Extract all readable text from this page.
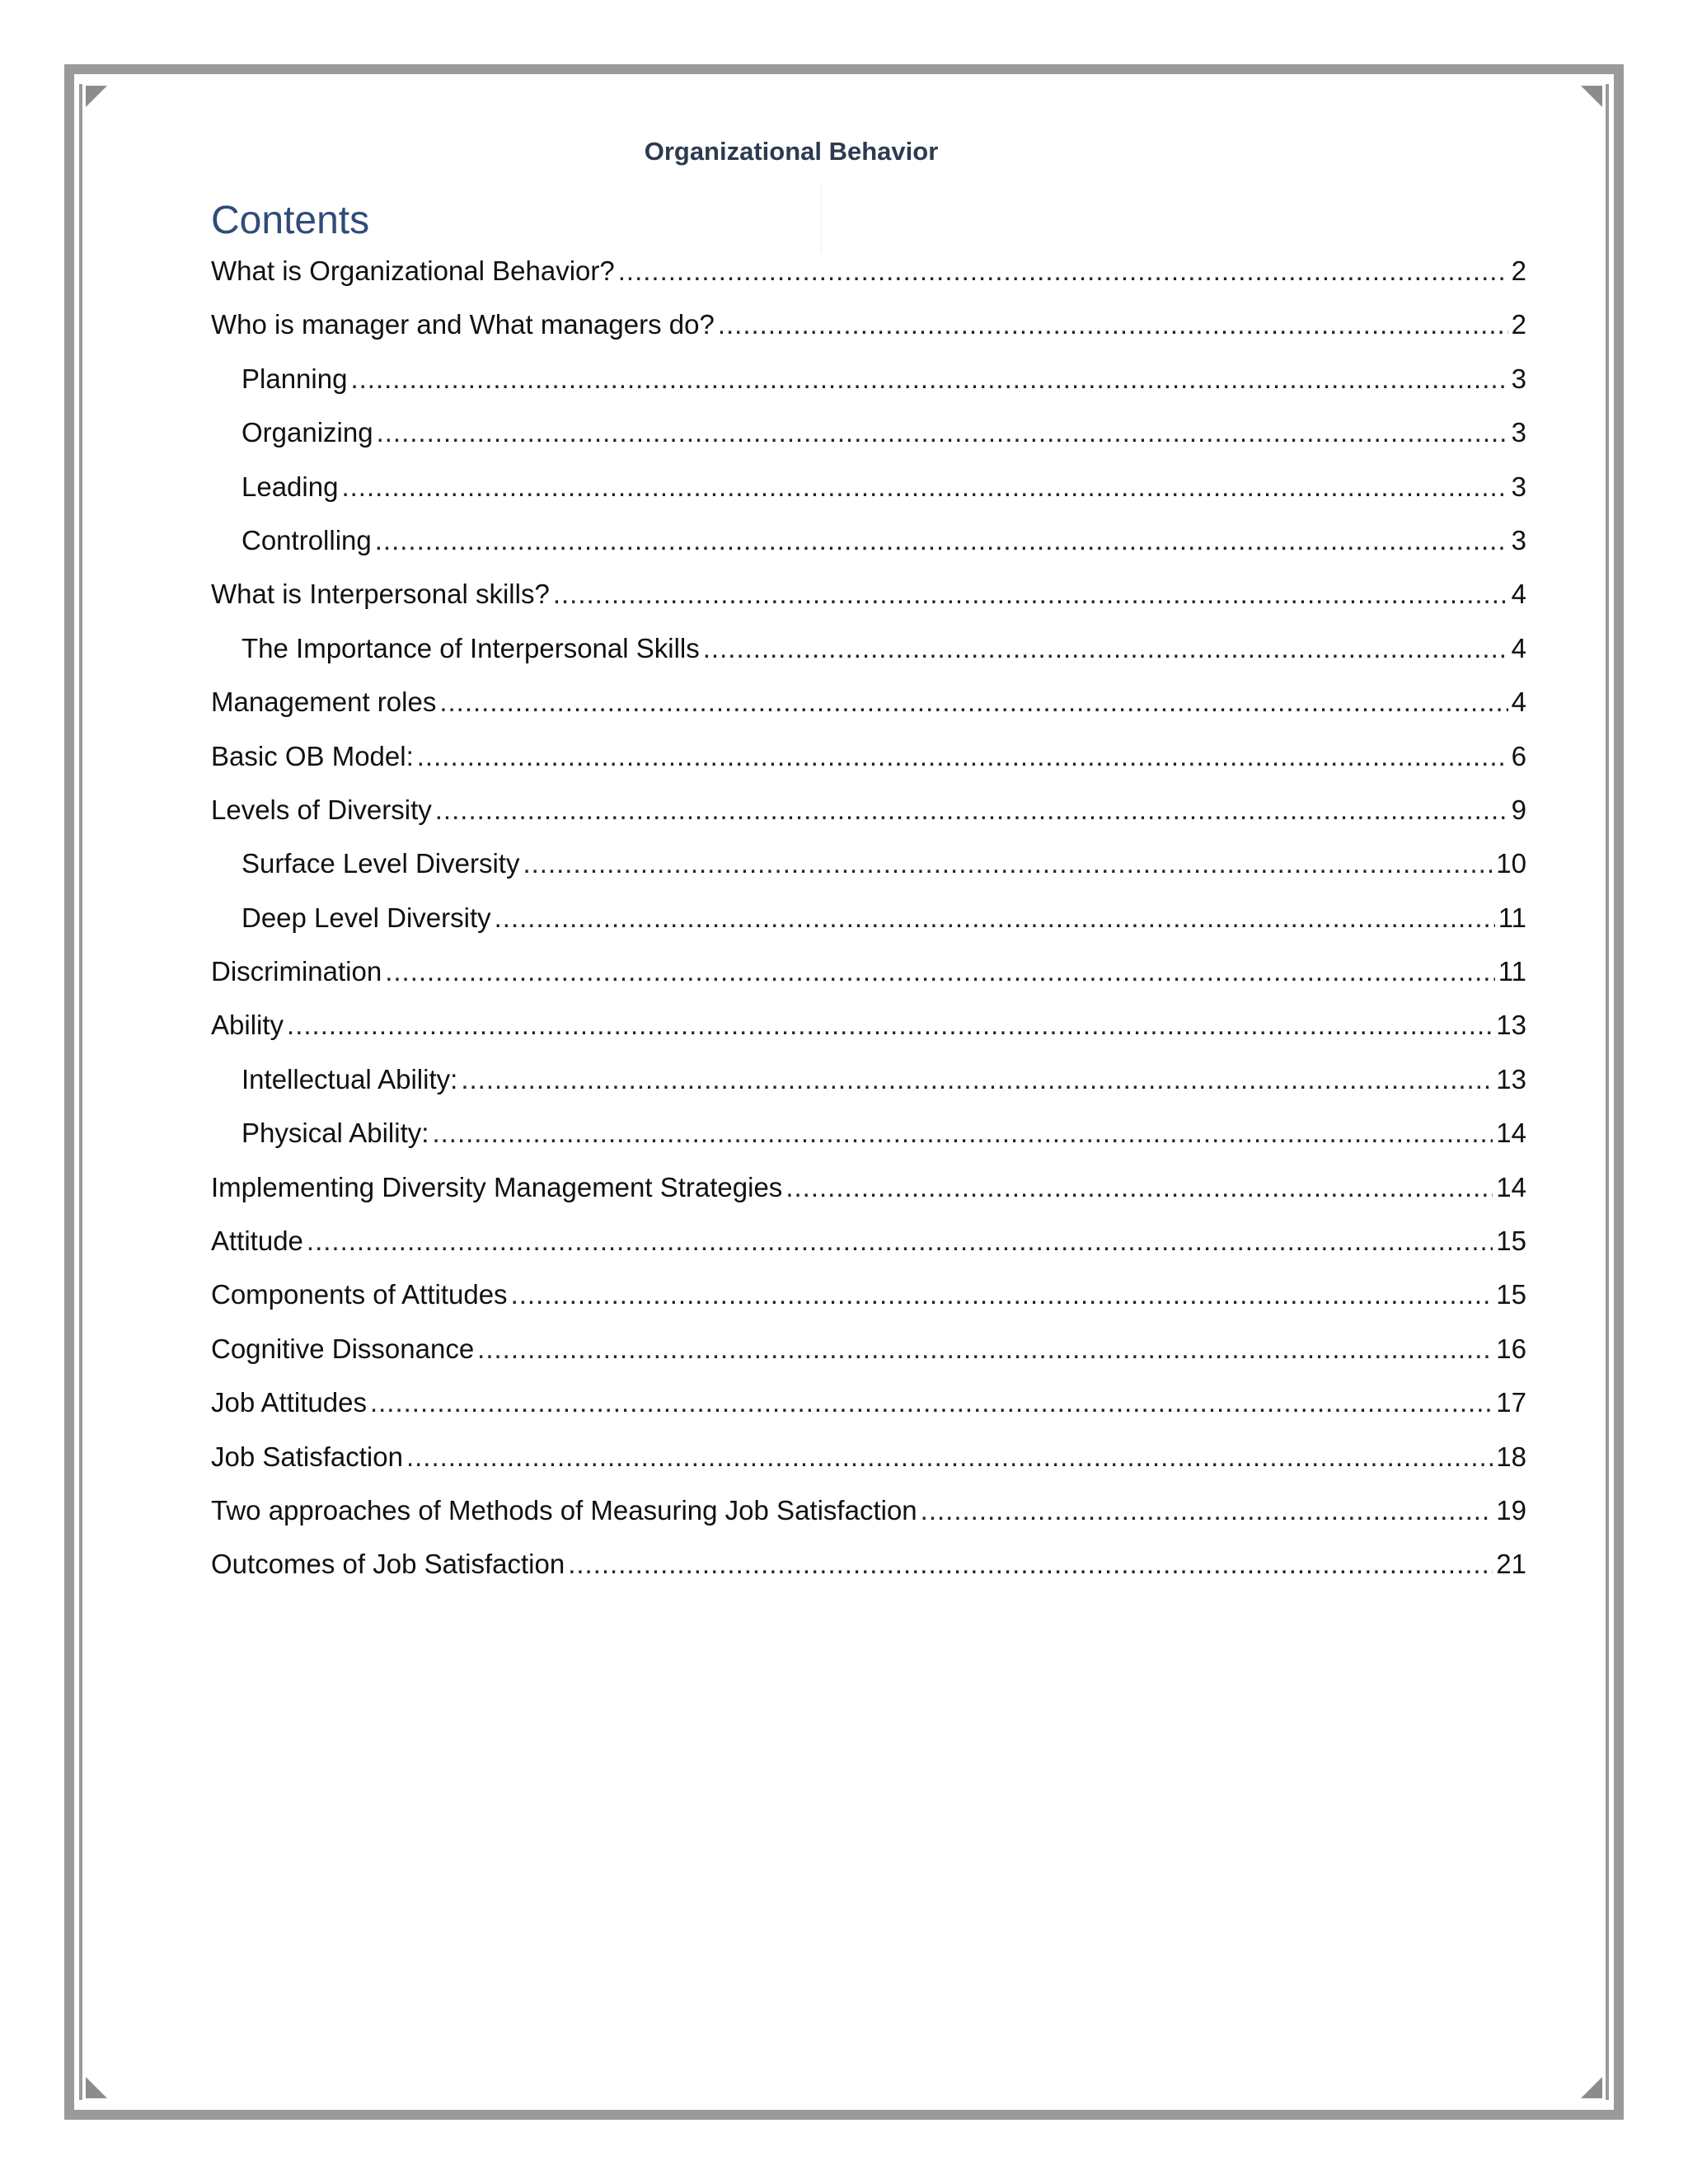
Organizational Behavior
Contents
What is Organizational Behavior? .....	2
Who is manager and What managers do? .....	2
Planning .....	3
Organizing .....	3
Leading .....	3
Controlling .....	3
What is Interpersonal skills? .....	4
The Importance of Interpersonal Skills .....	4
Management roles .....	4
Basic OB Model: .....	6
Levels of Diversity .....	9
Surface Level Diversity .....	10
Deep Level Diversity .....	11
Discrimination .....	11
Ability .....	13
Intellectual Ability: .....	13
Physical Ability: .....	14
Implementing Diversity Management Strategies .....	14
Attitude .....	15
Components of Attitudes .....	15
Cognitive Dissonance .....	16
Job Attitudes .....	17
Job Satisfaction .....	18
Two approaches of Methods of Measuring Job Satisfaction .....	19
Outcomes of Job Satisfaction .....	21
